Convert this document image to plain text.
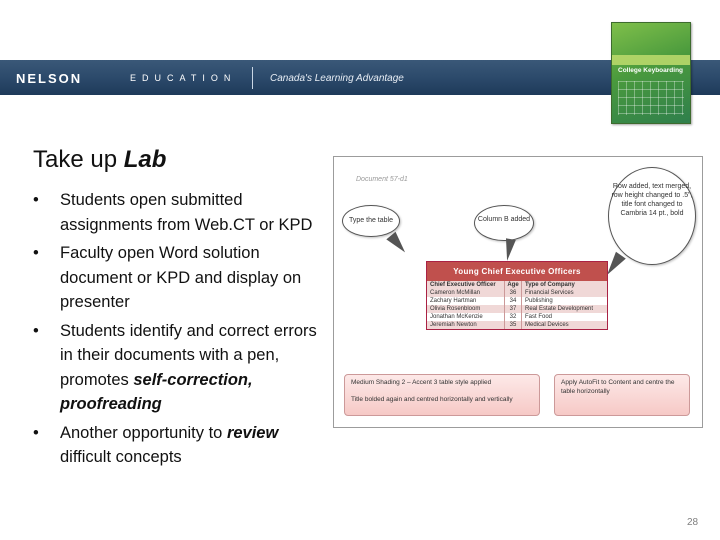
NELSON	EDUCATION	Canada's Learning Advantage
College Keyboarding
Take up Lab
• Students open submitted assignments from Web.CT or KPD
• Faculty open Word solution document or KPD and display on presenter
• Students identify and correct errors in their documents with a pen, promotes self-correction, proofreading
• Another opportunity to review difficult concepts
Document 57-d1
Type the table	Column B added
Row added, text merged, row height changed to .5", title font changed to Cambria 14 pt., bold
Young Chief Executive Officers
Chief Executive Officer	Age	Type of Company
Cameron McMillan	36	Financial Services
Zachary Hartman	34	Publishing
Olivia Rosenbloom	37	Real Estate Development
Jonathan McKenzie	32	Fast Food
Jeremiah Newton	35	Medical Devices
Medium Shading 2 – Accent 3 table style applied
Title bolded again and centred horizontally and vertically
Apply AutoFit to Content and centre the table horizontally
28
